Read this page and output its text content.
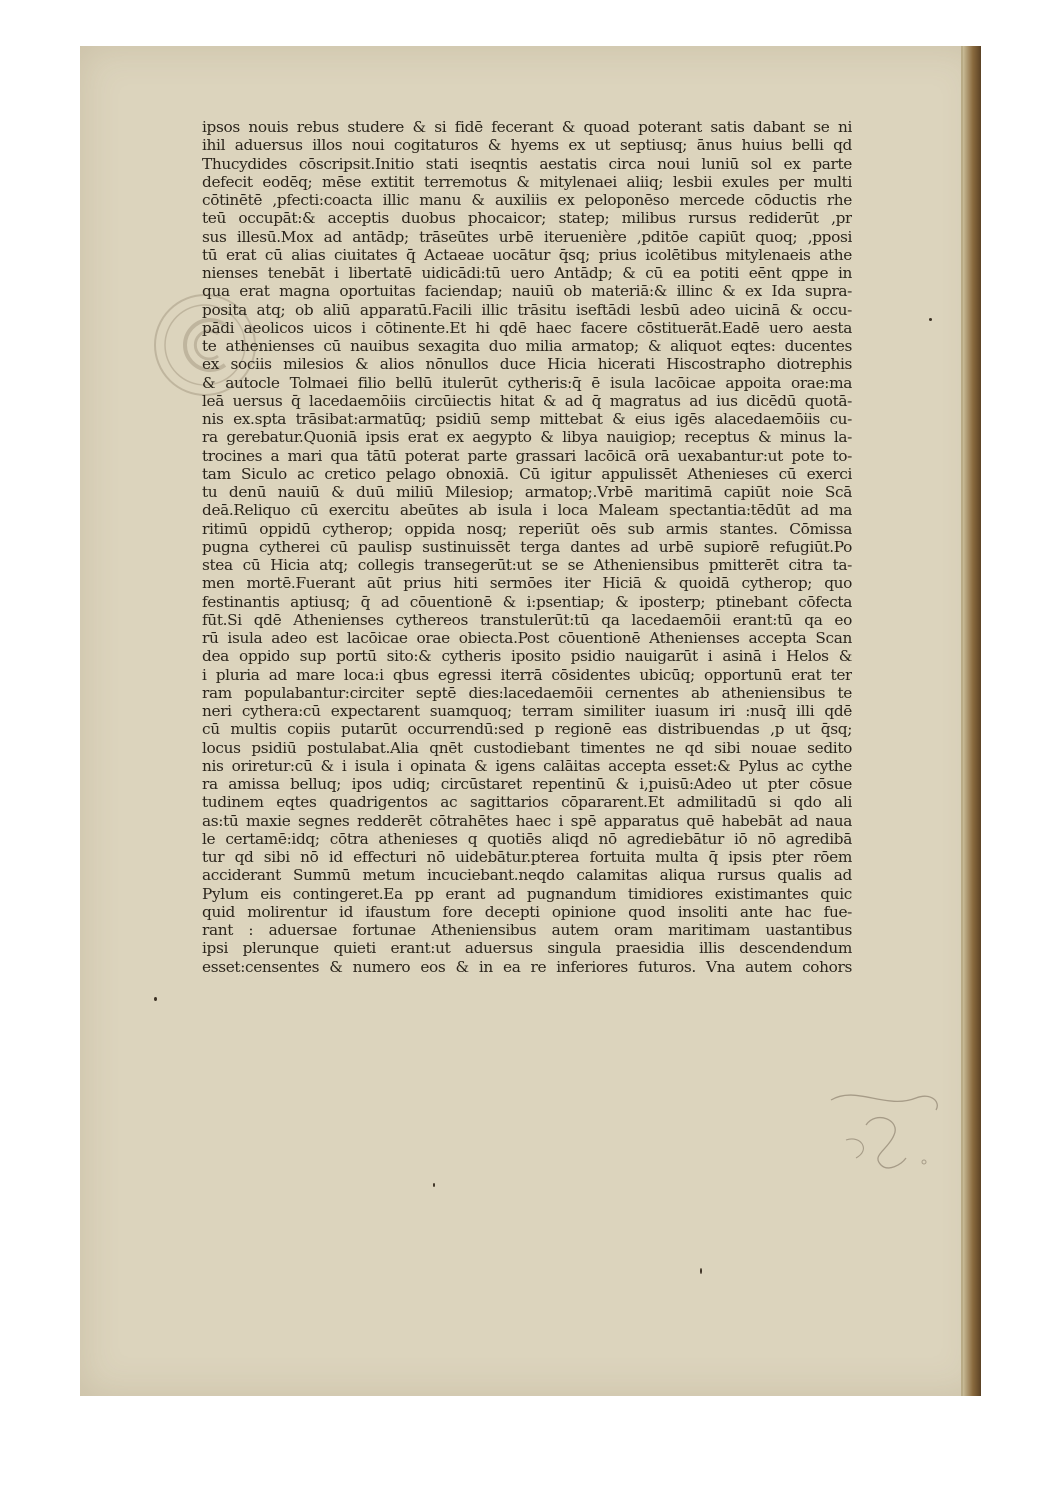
ipsos nouis rebus studere & si fidē fecerant & quoad poterant satis dabant se ni
ihil aduersus illos noui cogitaturos & hyems ex ut septiusq; ānus huius belli qd
Thucydides cōscripsit.Initio stati iseqntis aestatis circa noui luniū sol ex parte
defecit eodēq; mēse extitit terremotus & mitylenaei aliiq; lesbii exules per multi
cōtinētē ,pfecti:coacta illic manu & auxiliis ex peloponēso mercede cōductis rhe
teū occupāt:& acceptis duobus phocaicor; statep; milibus rursus rediderūt ,pr
sus illesū.Mox ad antādp; trāseūtes urbē iteruenière ,pditōe capiūt quoq; ,pposi
tū erat cū alias ciuitates q̄ Actaeae uocātur q̄sq; prius icolētibus mitylenaeis athe
nienses tenebāt i libertatē uidicādi:tū uero Antādp; & cū ea potiti eēnt qppe in
qua erat magna oportuitas faciendap; nauiū ob materiā:& illinc & ex Ida supra-
posita atq; ob aliū apparatū.Facili illic trāsitu iseftādi lesbū adeo uicinā & occu-
pādi aeolicos uicos i cōtinente.Et hi qdē haec facere cōstituerāt.Eadē uero aesta
te athenienses cū nauibus sexagita duo milia armatop; & aliquot eqtes: ducentes
ex sociis milesios & alios nōnullos duce Hicia hicerati Hiscostrapho diotrephis
& autocle Tolmaei filio bellū itulerūt cytheris:q̄ ē isula lacōicae appoita orae:ma
leā uersus q̄ lacedaemōiis circūiectis hitat & ad q̄ magratus ad ius dicēdū quotā-
nis ex.spta trāsibat:armatūq; psidiū semp mittebat & eius igēs alacedaemōiis cu-
ra gerebatur.Quoniā ipsis erat ex aegypto & libya nauigiop; receptus & minus la-
trocines a mari qua tātū poterat parte grassari lacōicā orā uexabantur:ut pote to-
tam Siculo ac cretico pelago obnoxiā. Cū igitur appulissēt Athenieses cū exerci
tu denū nauiū & duū miliū Milesiop; armatop;.Vrbē maritimā capiūt noie Scā
deā.Reliquo cū exercitu abeūtes ab isula i loca Maleam spectantia:tēdūt ad ma
ritimū oppidū cytherop; oppida nosq; reperiūt oēs sub armis stantes. Cōmissa
pugna cytherei cū paulisp sustinuissēt terga dantes ad urbē supiorē refugiūt.Po
stea cū Hicia atq; collegis transegerūt:ut se se Atheniensibus pmitterēt citra ta-
men mortē.Fuerant aūt prius hiti sermōes iter Hiciā & quoidā cytherop; quo
festinantis aptiusq; q̄ ad cōuentionē & i:psentiap; & iposterp; ptinebant cōfecta
fūt.Si qdē Athenienses cythereos transtulerūt:tū qa lacedaemōii erant:tū qa eo
rū isula adeo est lacōicae orae obiecta.Post cōuentionē Athenienses accepta Scan
dea oppido sup portū sito:& cytheris iposito psidio nauigarūt i asinā i Helos &
i pluria ad mare loca:i qbus egressi iterrā cōsidentes ubicūq; opportunū erat ter
ram populabantur:circiter septē dies:lacedaemōii cernentes ab atheniensibus te
neri cythera:cū expectarent suamquoq; terram similiter iuasum iri :nusq̄ illi qdē
cū multis copiis putarūt occurrendū:sed p regionē eas distribuendas ,p ut q̄sq;
locus psidiū postulabat.Alia qnēt custodiebant timentes ne qd sibi nouae sedito
nis oriretur:cū & i isula i opinata & igens calāitas accepta esset:& Pylus ac cythe
ra amissa belluq; ipos udiq; circūstaret repentinū & i,puisū:Adeo ut pter cōsue
tudinem eqtes quadrigentos ac sagittarios cōpararent.Et admilitadū si qdo ali
as:tū maxie segnes redderēt cōtrahētes haec i spē apparatus quē habebāt ad naua
le certamē:idq; cōtra athenieses q quotiēs aliqd nō agrediebātur iō nō agredibā
tur qd sibi nō id effecturi nō uidebātur.pterea fortuita multa q̄ ipsis pter rōem
acciderant Summū metum incuciebant.neqdo calamitas aliqua rursus qualis ad
Pylum eis contingeret.Ea pp erant ad pugnandum timidiores existimantes quic
quid molirentur id ifaustum fore decepti opinione quod insoliti ante hac fue-
rant : aduersae fortunae Atheniensibus autem oram maritimam uastantibus
ipsi plerunque quieti erant:ut aduersus singula praesidia illis descendendum
esset:censentes & numero eos & in ea re inferiores futuros. Vna autem cohors
